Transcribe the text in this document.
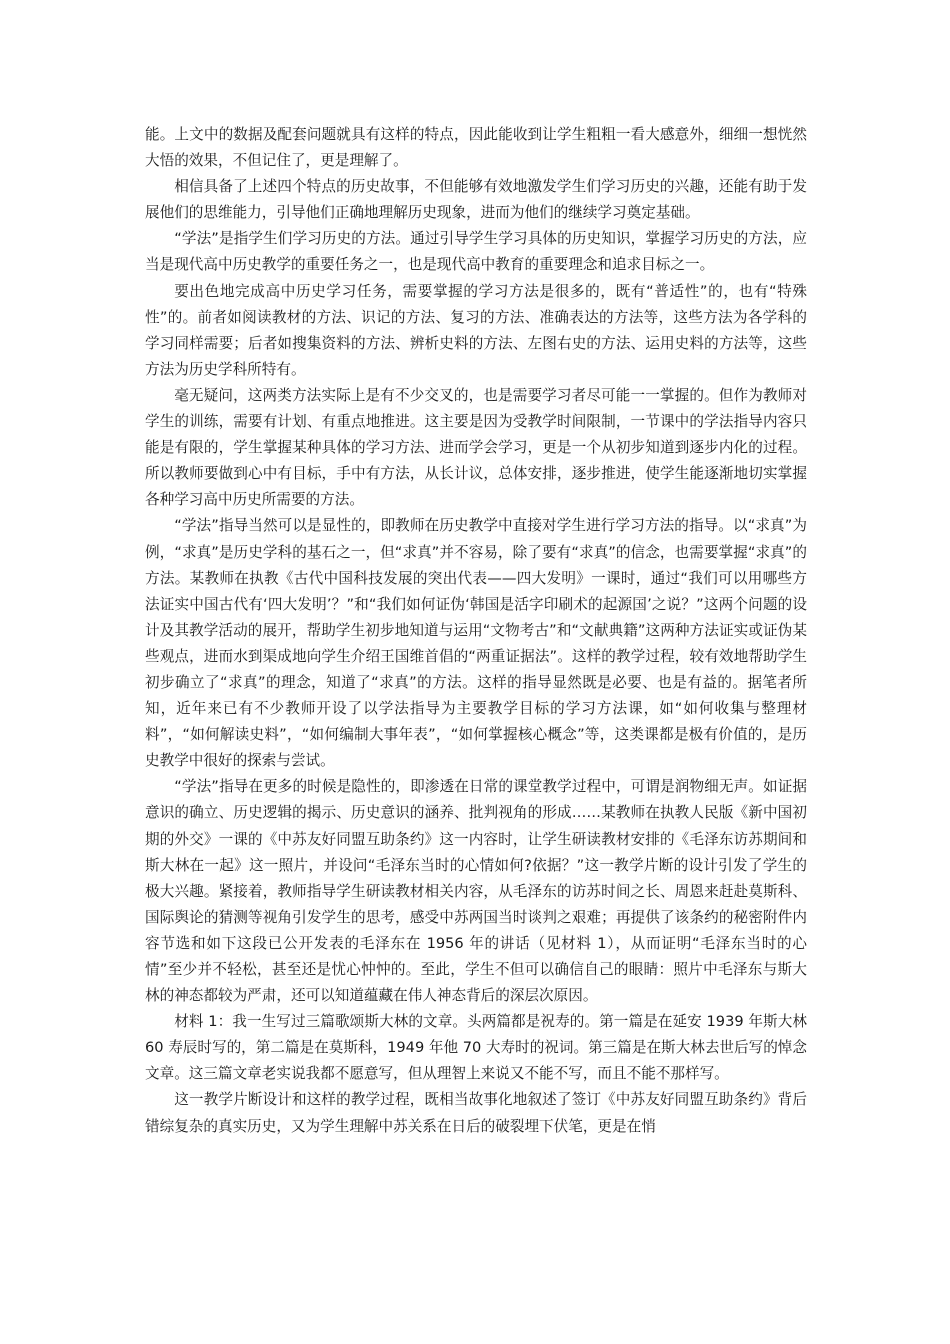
能。上文中的数据及配套问题就具有这样的特点，因此能收到让学生粗粗一看大感意外，细细一想恍然大悟的效果，不但记住了，更是理解了。

相信具备了上述四个特点的历史故事，不但能够有效地激发学生们学习历史的兴趣，还能有助于发展他们的思维能力，引导他们正确地理解历史现象，进而为他们的继续学习奠定基础。

“学法”是指学生们学习历史的方法。通过引导学生学习具体的历史知识，掌握学习历史的方法，应当是现代高中历史教学的重要任务之一，也是现代高中教育的重要理念和追求目标之一。

要出色地完成高中历史学习任务，需要掌握的学习方法是很多的，既有“普适性”的，也有“特殊性”的。前者如阅读教材的方法、识记的方法、复习的方法、准确表达的方法等，这些方法为各学科的学习同样需要；后者如搜集资料的方法、辨析史料的方法、左图右史的方法、运用史料的方法等，这些方法为历史学科所特有。

毫无疑问，这两类方法实际上是有不少交叉的，也是需要学习者尽可能一一掌握的。但作为教师对学生的训练，需要有计划、有重点地推进。这主要是因为受教学时间限制，一节课中的学法指导内容只能是有限的，学生掌握某种具体的学习方法、进而学会学习，更是一个从初步知道到逐步内化的过程。所以教师要做到心中有目标，手中有方法，从长计议，总体安排，逐步推进，使学生能逐渐地切实掌握各种学习高中历史所需要的方法。

“学法”指导当然可以是显性的，即教师在历史教学中直接对学生进行学习方法的指导。以“求真”为例，“求真”是历史学科的基石之一，但“求真”并不容易，除了要有“求真”的信念，也需要掌握“求真”的方法。某教师在执教《古代中国科技发展的突出代表——四大发明》一课时，通过“我们可以用哪些方法证实中国古代有‘四大发明’？”和“我们如何证伪‘韩国是活字印刷术的起源国’之说？”这两个问题的设计及其教学活动的展开，帮助学生初步地知道与运用“文物考古”和“文献典籍”这两种方法证实或证伪某些观点，进而水到渠成地向学生介绍王国维首倡的“两重证据法”。这样的教学过程，较有效地帮助学生初步确立了“求真”的理念，知道了“求真”的方法。这样的指导显然既是必要、也是有益的。据笔者所知，近年来已有不少教师开设了以学法指导为主要教学目标的学习方法课，如“如何收集与整理材料”，“如何解读史料”，“如何编制大事年表”，“如何掌握核心概念”等，这类课都是极有价值的，是历史教学中很好的探索与尝试。

“学法”指导在更多的时候是隐性的，即渗透在日常的课堂教学过程中，可谓是润物细无声。如证据意识的确立、历史逻辑的揭示、历史意识的涵养、批判视角的形成……某教师在执教人民版《新中国初期的外交》一课的《中苏友好同盟互助条约》这一内容时，让学生研读教材安排的《毛泽东访苏期间和斯大林在一起》这一照片，并设问“毛泽东当时的心情如何?依据？”这一教学片断的设计引发了学生的极大兴趣。紧接着，教师指导学生研读教材相关内容，从毛泽东的访苏时间之长、周恩来赶赴莫斯科、国际舆论的猜测等视角引发学生的思考，感受中苏两国当时谈判之艰难；再提供了该条约的秘密附件内容节选和如下这段已公开发表的毛泽东在 1956 年的讲话（见材料 1），从而证明“毛泽东当时的心情”至少并不轻松，甚至还是忧心忡忡的。至此，学生不但可以确信自己的眼睛：照片中毛泽东与斯大林的神态都较为严肃，还可以知道蕴藏在伟人神态背后的深层次原因。

材料 1：我一生写过三篇歌颂斯大林的文章。头两篇都是祝寿的。第一篇是在延安 1939 年斯大林 60 寿辰时写的，第二篇是在莫斯科，1949 年他 70 大寿时的祝词。第三篇是在斯大林去世后写的悼念文章。这三篇文章老实说我都不愿意写，但从理智上来说又不能不写，而且不能不那样写。

这一教学片断设计和这样的教学过程，既相当故事化地叙述了签订《中苏友好同盟互助条约》背后错综复杂的真实历史，又为学生理解中苏关系在日后的破裂埋下伏笔，更是在悄
